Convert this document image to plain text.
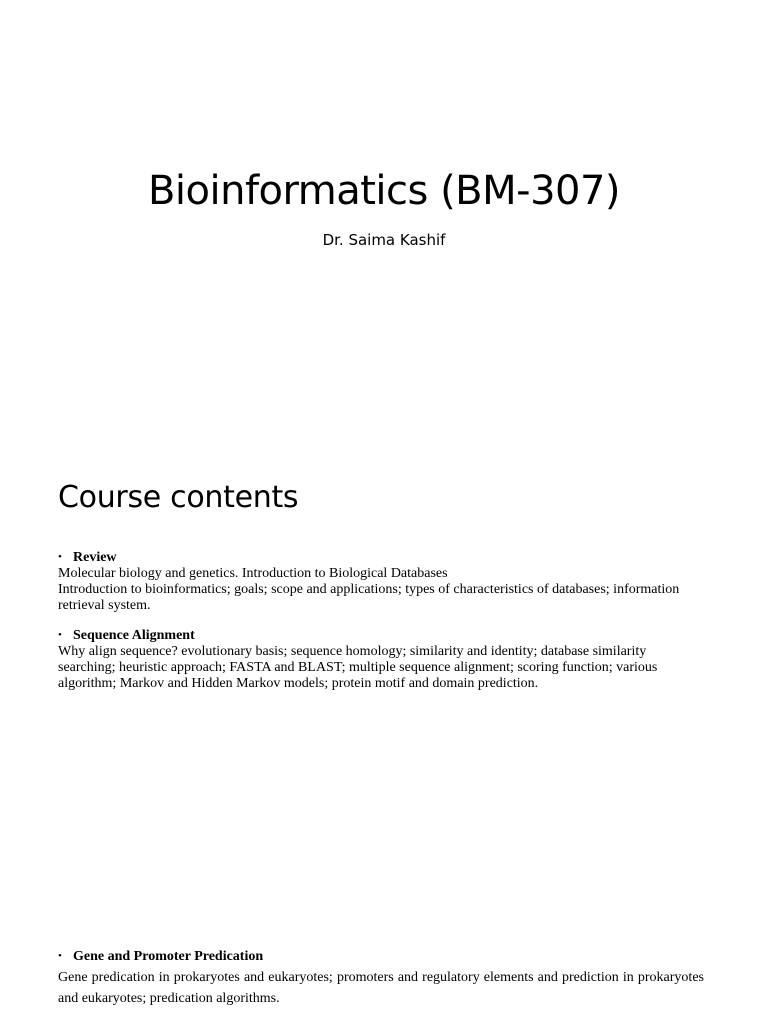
Bioinformatics (BM-307)

Dr. Saima Kashif

Course contents

• Review

Molecular biology and genetics. Introduction to Biological Databases

Introduction to bioinformatics; goals; scope and applications; types of characteristics of databases; information

retrieval system.

• Sequence Alignment

Why align sequence? evolutionary basis; sequence homology; similarity and identity; database similarity

searching; heuristic approach; FASTA and BLAST; multiple sequence alignment; scoring function; various

algorithm; Markov and Hidden Markov models; protein motif and domain prediction.

• Gene and Promoter Predication

Gene predication in prokaryotes and eukaryotes; promoters and regulatory elements and prediction in prokaryotes and eukaryotes; predication algorithms.
